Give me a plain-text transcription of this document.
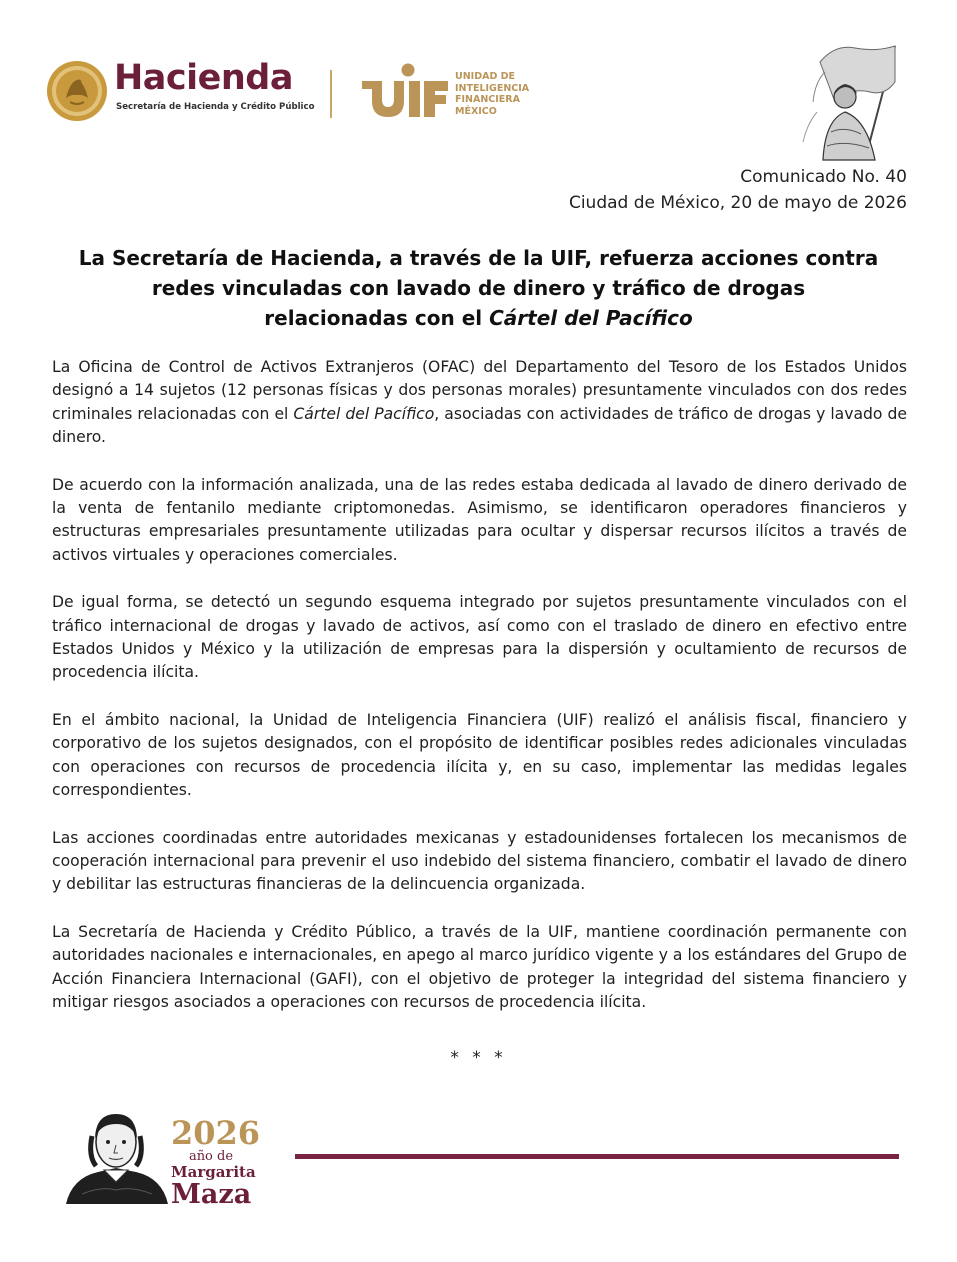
Hacienda
Secretaría de Hacienda y Crédito Público
UNIDAD DE
INTELIGENCIA
FINANCIERA
MÉXICO
Comunicado No. 40
Ciudad de México, 20 de mayo de 2026
La Secretaría de Hacienda, a través de la UIF, refuerza acciones contra
redes vinculadas con lavado de dinero y tráfico de drogas
relacionadas con el Cártel del Pacífico

La Oficina de Control de Activos Extranjeros (OFAC) del Departamento del Tesoro de los Estados Unidos designó a 14 sujetos (12 personas físicas y dos personas morales) presuntamente vinculados con dos redes criminales relacionadas con el Cártel del Pacífico, asociadas con actividades de tráfico de drogas y lavado de dinero.

De acuerdo con la información analizada, una de las redes estaba dedicada al lavado de dinero derivado de la venta de fentanilo mediante criptomonedas. Asimismo, se identificaron operadores financieros y estructuras empresariales presuntamente utilizadas para ocultar y dispersar recursos ilícitos a través de activos virtuales y operaciones comerciales.

De igual forma, se detectó un segundo esquema integrado por sujetos presuntamente vinculados con el tráfico internacional de drogas y lavado de activos, así como con el traslado de dinero en efectivo entre Estados Unidos y México y la utilización de empresas para la dispersión y ocultamiento de recursos de procedencia ilícita.

En el ámbito nacional, la Unidad de Inteligencia Financiera (UIF) realizó el análisis fiscal, financiero y corporativo de los sujetos designados, con el propósito de identificar posibles redes adicionales vinculadas con operaciones con recursos de procedencia ilícita y, en su caso, implementar las medidas legales correspondientes.

Las acciones coordinadas entre autoridades mexicanas y estadounidenses fortalecen los mecanismos de cooperación internacional para prevenir el uso indebido del sistema financiero, combatir el lavado de dinero y debilitar las estructuras financieras de la delincuencia organizada.

La Secretaría de Hacienda y Crédito Público, a través de la UIF, mantiene coordinación permanente con autoridades nacionales e internacionales, en apego al marco jurídico vigente y a los estándares del Grupo de Acción Financiera Internacional (GAFI), con el objetivo de proteger la integridad del sistema financiero y mitigar riesgos asociados a operaciones con recursos de procedencia ilícita.

* * *
2026
año de
Margarita
Maza
